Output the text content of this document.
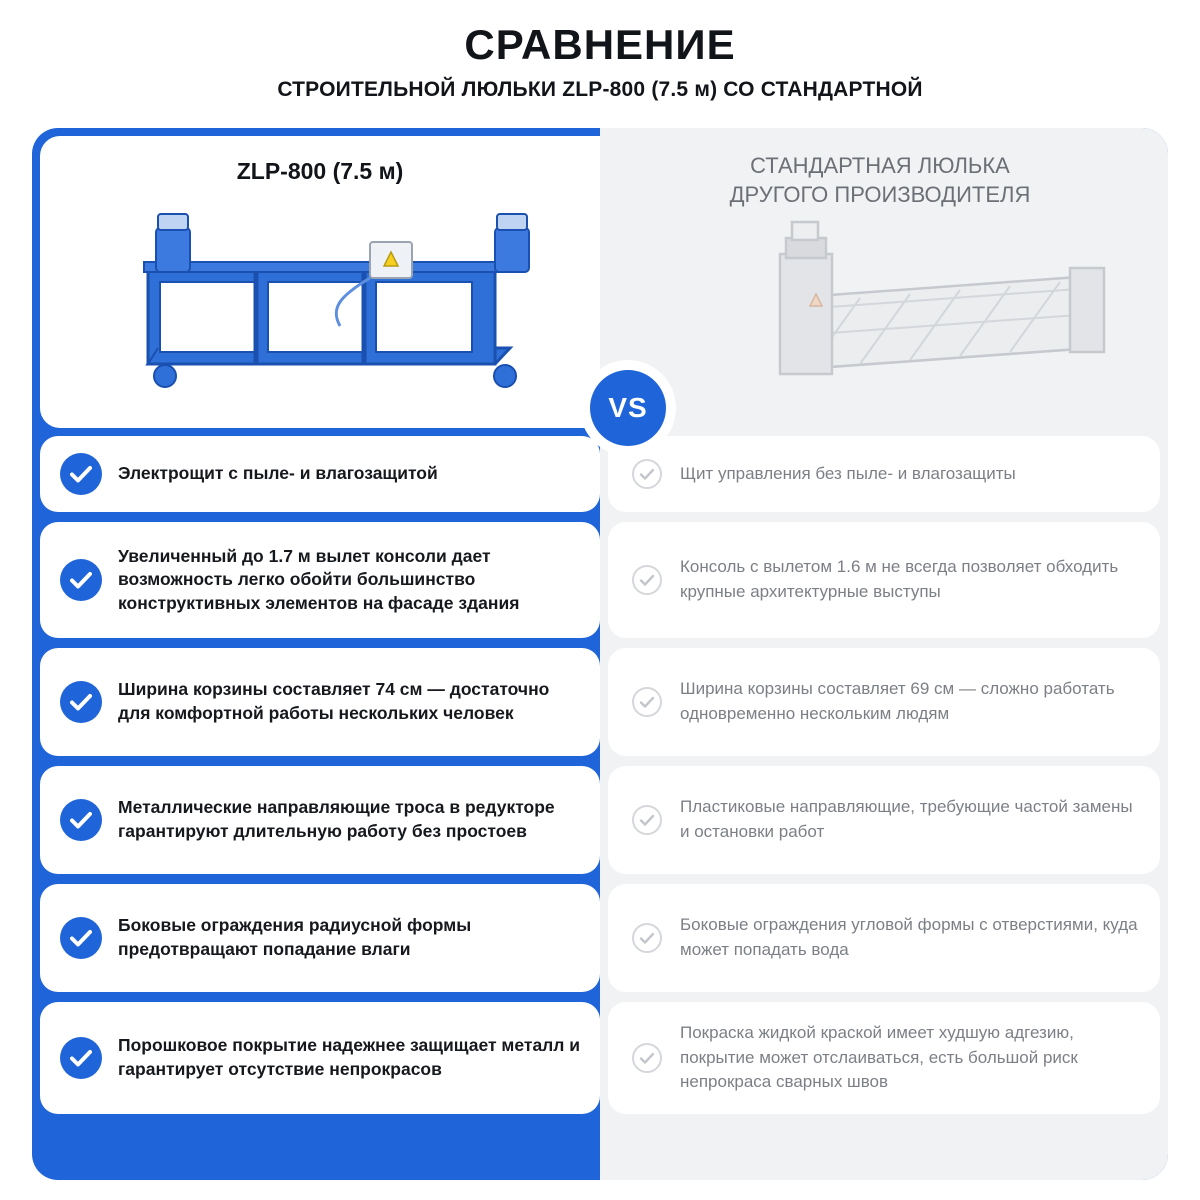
СРАВНЕНИЕ
СТРОИТЕЛЬНОЙ ЛЮЛЬКИ ZLP-800 (7.5 м) СО СТАНДАРТНОЙ
ZLP-800 (7.5 м)	СТАНДАРТНАЯ ЛЮЛЬКА
ДРУГОГО ПРОИЗВОДИТЕЛЯ
VS
Электрощит с пыле- и влагозащитой	Щит управления без пыле- и влагозащиты
Увеличенный до 1.7 м вылет консоли дает возможность легко обойти большинство конструктивных элементов на фасаде здания
Консоль с вылетом 1.6 м не всегда позволяет обходить крупные архитектурные выступы
Ширина корзины составляет 74 см — достаточно для комфортной работы нескольких человек
Ширина корзины составляет 69 см — сложно работать одновременно нескольким людям
Металлические направляющие троса в редукторе гарантируют длительную работу без простоев
Пластиковые направляющие, требующие частой замены и остановки работ
Боковые ограждения радиусной формы предотвращают попадание влаги
Боковые ограждения угловой формы с отверстиями, куда может попадать вода
Порошковое покрытие надежнее защищает металл и гарантирует отсутствие непрокрасов
Покраска жидкой краской имеет худшую адгезию, покрытие может отслаиваться, есть большой риск непрокраса сварных швов
